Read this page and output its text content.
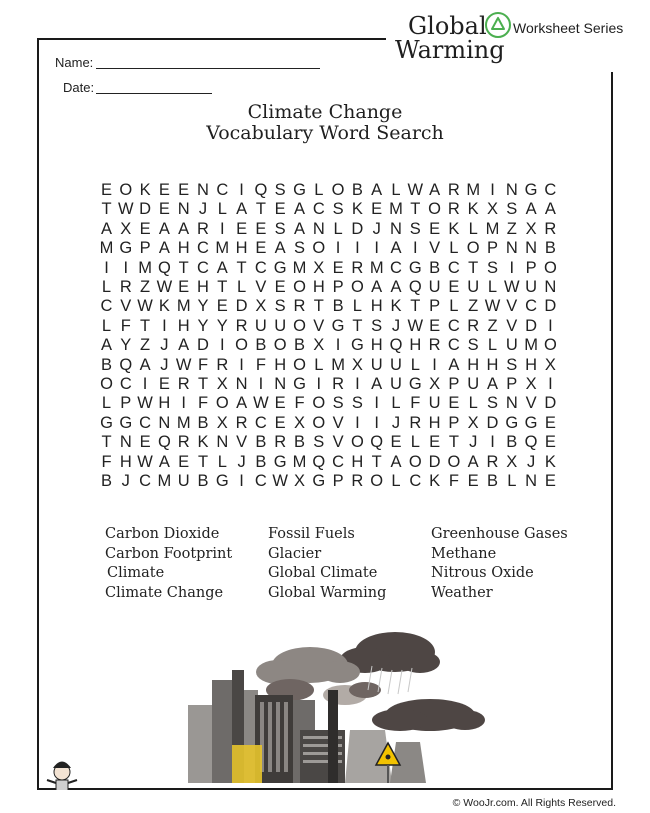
Global Worksheet Series
Warming
Name:
Date:
Climate Change
Vocabulary Word Search
E O K E E N C I Q S G L O B A L W A R M I N G C
T W D E N J L A T E A C S K E M T O R K X S A A
A X E A A R I E E S A N L D J N S E K L M Z X R
M G P A H C M H E A S O I I I A I V L O P N N B
I I M Q T C A T C G M X E R M C G B C T S I P O
L R Z W E H T L V E O H P O A A Q U E U L W U N
C V W K M Y E D X S R T B L H K T P L Z W V C D
L F T I H Y Y R U U O V G T S J W E C R Z V D I
A Y Z J A D I O B O B X I G H Q H R C S L U M O
B Q A J W F R I F H O L M X U U L I A H H S H X
O C I E R T X N I N G I R I A U G X P U A P X I
L P W H I F O A W E F O S S I L F U E L S N V D
G G C N M B X R C E X O V I I J R H P X D G G E
T N E Q R K N V B R B S V O Q E L E T J I B Q E
F H W A E T L J B G M Q C H T A O D O A R X J K
B J C M U B G I C W X G P R O L C K F E B L N E
Carbon Dioxide
Carbon Footprint
Climate
Climate Change
Fossil Fuels
Glacier
Global Climate
Global Warming
Greenhouse Gases
Methane
Nitrous Oxide
Weather
© WooJr.com. All Rights Reserved.
